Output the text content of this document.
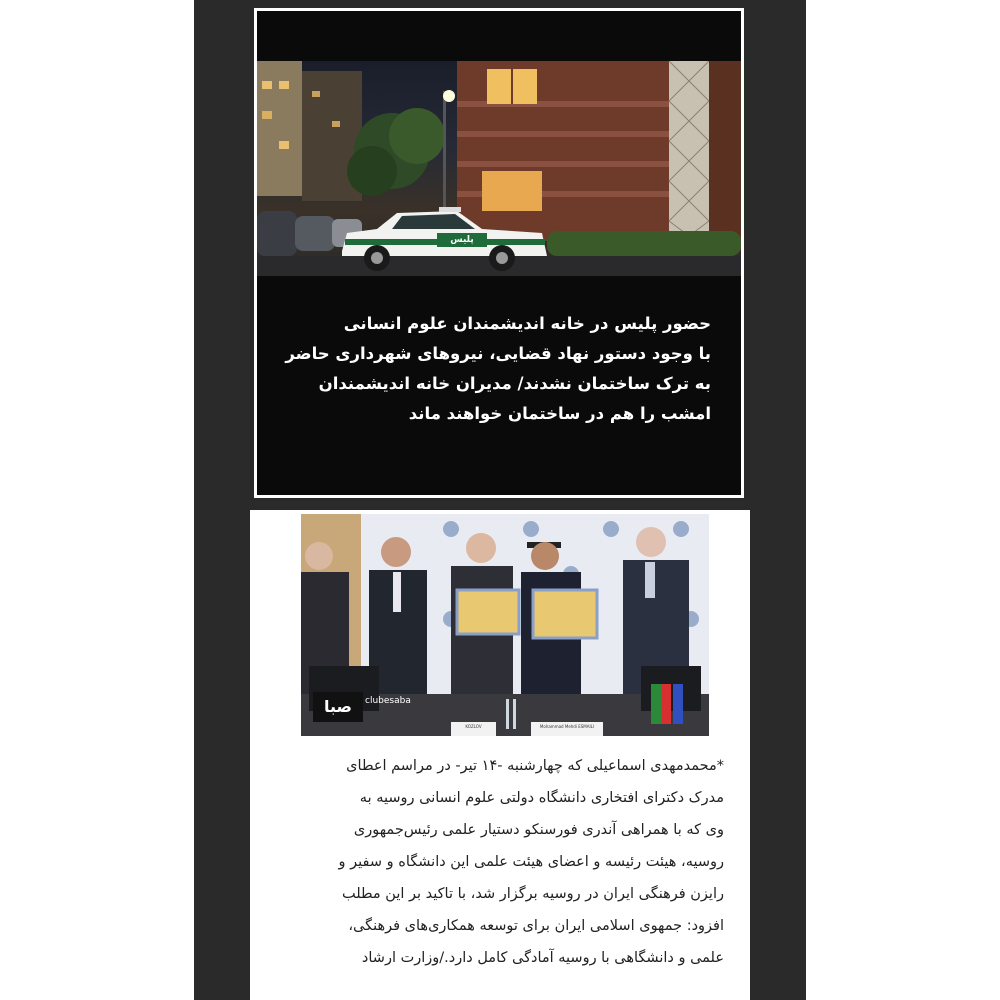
پلیس
حضور پلیس در خانه اندیشمندان علوم انسانی
با وجود دستور نهاد قضایی، نیروهای شهرداری حاضر
به ترک ساختمان نشدند/ مدیران خانه اندیشمندان
امشب را هم در ساختمان خواهند ماند
صبا	clubesaba
KOZLOV	Mohammad Mehdi ESMAILI
*محمدمهدی اسماعیلی که چهارشنبه -۱۴ تیر- در مراسم اعطای
مدرک دکترای افتخاری دانشگاه دولتی علوم انسانی روسیه به
وی که با همراهی آندری فورسنکو دستیار علمی رئیس‌جمهوری
روسیه، هیئت رئیسه و اعضای هیئت علمی این دانشگاه و سفیر و
رایزن فرهنگی ایران در روسیه برگزار شد، با تاکید بر این مطلب
افزود: جمهوی اسلامی ایران برای توسعه همکاری‌های فرهنگی،
علمی و دانشگاهی با روسیه آمادگی کامل دارد./وزارت ارشاد
